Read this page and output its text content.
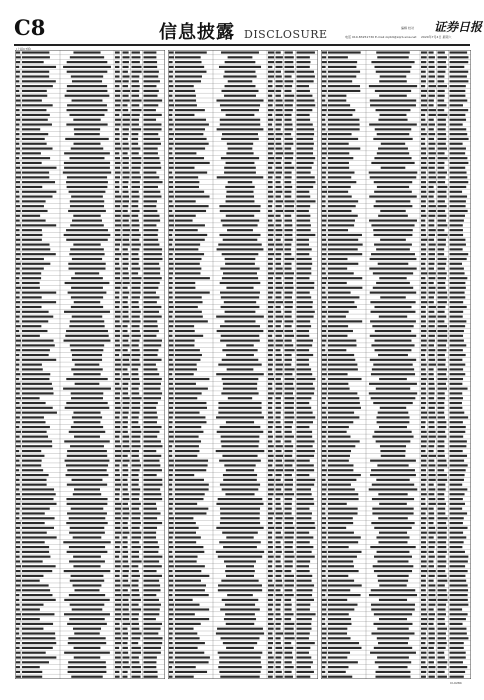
C8	信息披露 DISCLOSURE	编辑 校对 证券日报
电话 010-83251730 E-mail zqrb9@zqrb.sina.net 2020年7月4日 星期六
(上接C7版)
CI-0284
